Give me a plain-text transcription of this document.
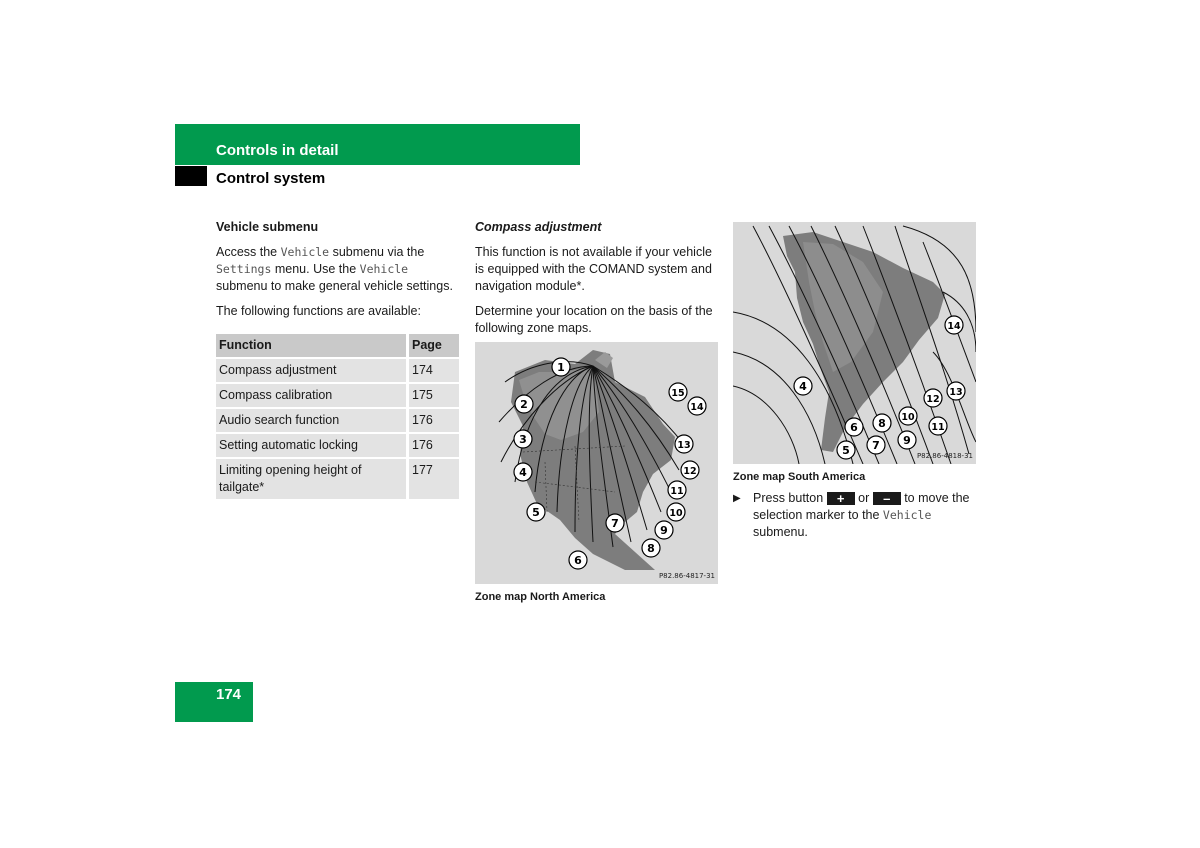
Controls in detail
Control system
Vehicle submenu

Access the Vehicle submenu via the Settings menu. Use the Vehicle submenu to make general vehicle settings.

The following functions are available:

Function	Page
Compass adjustment	174
Compass calibration	175
Audio search function	176
Setting automatic locking	176
Limiting opening height of tailgate*	177
Compass adjustment

This function is not available if your vehicle is equipped with the COMAND system and navigation module*.

Determine your location on the basis of the following zone maps.

1
2
3
4
5
6
7
8
9
10
11
12
13
14
15
P82.86-4817-31
Zone map North America
4
5
6
7
8
9
10
11
12
13
14
P82.86-4818-31
Zone map South America
▶ Press button + or – to move the selection marker to the Vehicle submenu.
174
